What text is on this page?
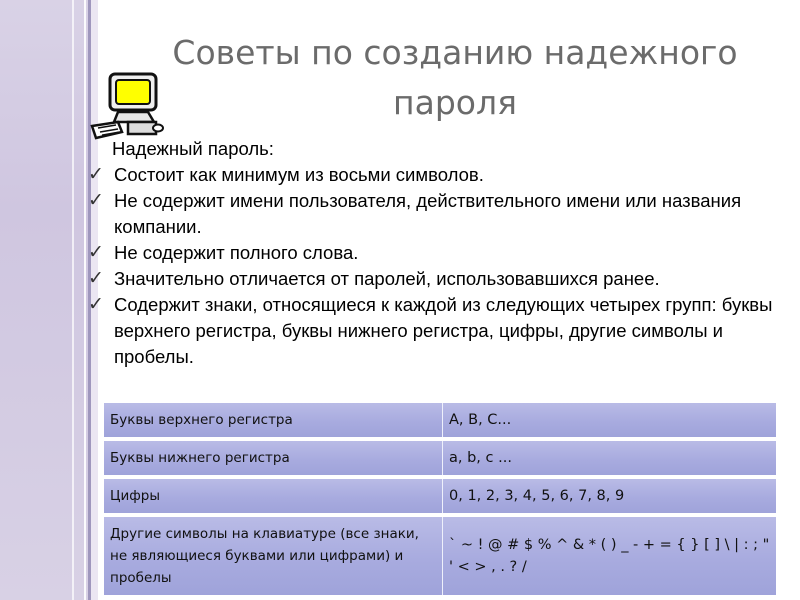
Советы по созданию надежного пароля
Надежный пароль:
✓ Состоит как минимум из восьми символов.
✓ Не содержит имени пользователя, действительного имени или названия компании.
✓ Не содержит полного слова.
✓ Значительно отличается от паролей, использовавшихся ранее.
✓ Содержит знаки, относящиеся к каждой из следующих четырех групп: буквы верхнего регистра, буквы нижнего регистра, цифры, другие символы и пробелы.
Буквы верхнего регистра	A, B, C...
Буквы нижнего регистра	a, b, c ...
Цифры	0, 1, 2, 3, 4, 5, 6, 7, 8, 9
Другие символы на клавиатуре (все знаки, не являющиеся буквами или цифрами) и пробелы	` ~ ! @ # $ % ^ & * ( ) _ - + = { } [ ] \ | : ; " ' < > , . ? /
